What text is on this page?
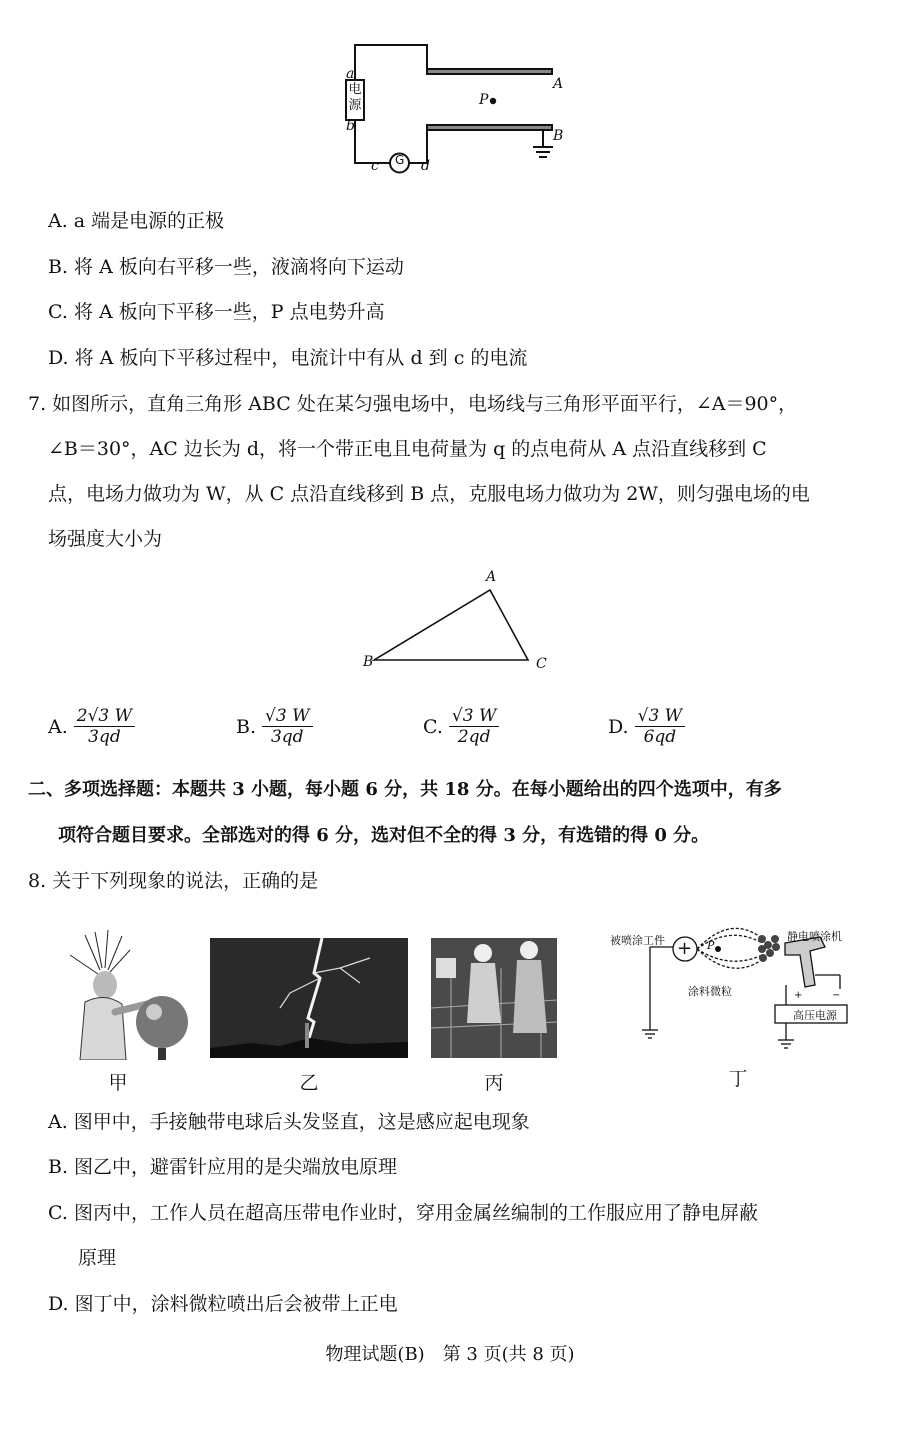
a
b
电源
G
c	d
A
B
P
A. a 端是电源的正极
B. 将 A 板向右平移一些，液滴将向下运动
C. 将 A 板向下平移一些，P 点电势升高
D. 将 A 板向下平移过程中，电流计中有从 d 到 c 的电流
7. 如图所示，直角三角形 ABC 处在某匀强电场中，电场线与三角形平面平行，∠A＝90°，
∠B＝30°，AC 边长为 d，将一个带正电且电荷量为 q 的点电荷从 A 点沿直线移到 C
点，电场力做功为 W，从 C 点沿直线移到 B 点，克服电场力做功为 2W，则匀强电场的电
场强度大小为
A
B	C
A. $\frac{2√3 W}{3qd}$	B. $\frac{√3 W}{3qd}$	C. $\frac{√3 W}{2qd}$	D. $\frac{√3 W}{6qd}$
二、多项选择题：本题共 3 小题，每小题 6 分，共 18 分。在每小题给出的四个选项中，有多
项符合题目要求。全部选对的得 6 分，选对但不全的得 3 分，有选错的得 0 分。
8. 关于下列现象的说法，正确的是
+ P
被喷涂工件	静电喷涂机
涂料微粒	+	−
高压电源
甲	乙	丙	丁
A. 图甲中，手接触带电球后头发竖直，这是感应起电现象
B. 图乙中，避雷针应用的是尖端放电原理
C. 图丙中，工作人员在超高压带电作业时，穿用金属丝编制的工作服应用了静电屏蔽
原理
D. 图丁中，涂料微粒喷出后会被带上正电
物理试题(B)　第 3 页(共 8 页)
